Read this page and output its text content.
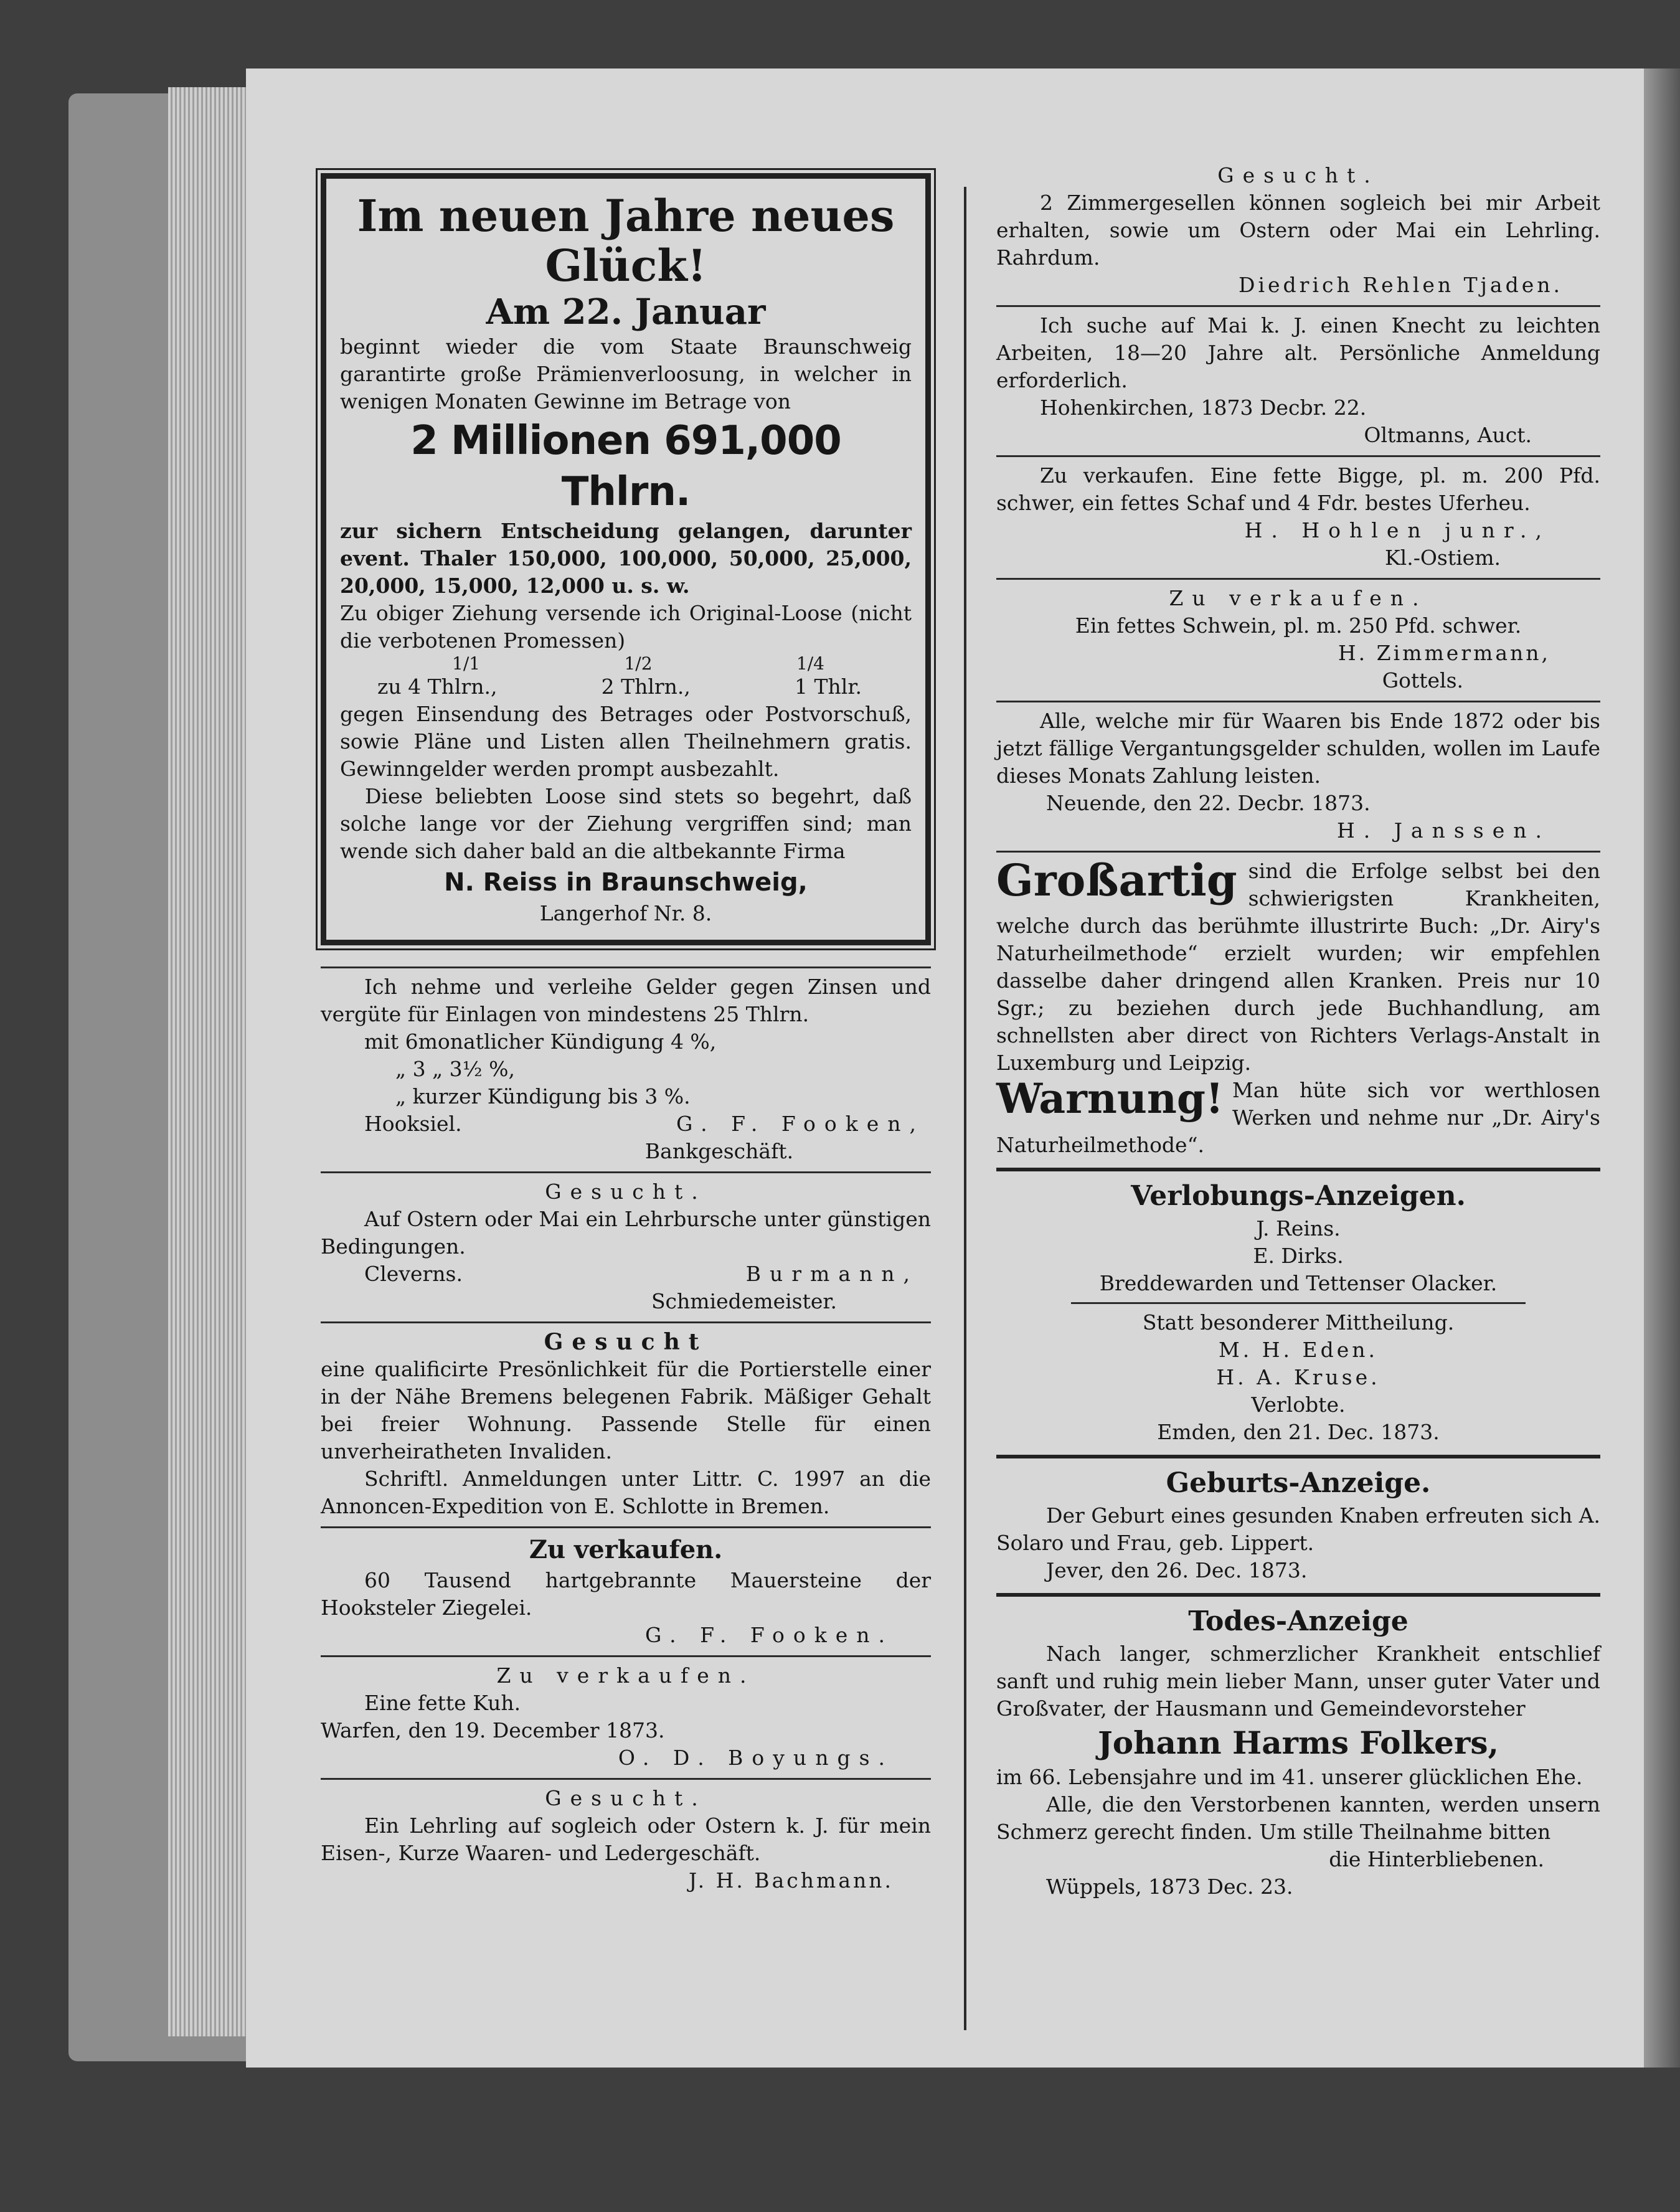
Im neuen Jahre neues
Glück!
Am 22. Januar

beginnt wieder die vom Staate Braunschweig garantirte große Prämienverloosung, in welcher in wenigen Monaten Gewinne im Betrage von

2 Millionen 691,000 Thlrn.

zur sichern Entscheidung gelangen, darunter event. Thaler 150,000, 100,000, 50,000, 25,000, 20,000, 15,000, 12,000 u. s. w.

Zu obiger Ziehung versende ich Original-Loose (nicht die verbotenen Promessen)

1/1	1/2	1/4

zu 4 Thlrn.,	2 Thlrn.,	1 Thlr.

gegen Einsendung des Betrages oder Postvorschuß, sowie Pläne und Listen allen Theilnehmern gratis. Gewinngelder werden prompt ausbezahlt.

Diese beliebten Loose sind stets so begehrt, daß solche lange vor der Ziehung vergriffen sind; man wende sich daher bald an die altbekannte Firma

N. Reiss in Braunschweig,

Langerhof Nr. 8.

Ich nehme und verleihe Gelder gegen Zinsen und vergüte für Einlagen von mindestens 25 Thlrn.

mit 6monatlicher Kündigung 4 %,

„ 3 „ 3½ %,

„ kurzer Kündigung bis 3 %.

Hooksiel.	G. F. Fooken,

Bankgeschäft.

Gesucht.

Auf Ostern oder Mai ein Lehrbursche unter günstigen Bedingungen.

Cleverns.	Burmann,

Schmiedemeister.

Gesucht

eine qualificirte Presönlichkeit für die Portierstelle einer in der Nähe Bremens belegenen Fabrik. Mäßiger Gehalt bei freier Wohnung. Passende Stelle für einen unverheiratheten Invaliden.

Schriftl. Anmeldungen unter Littr. C. 1997 an die Annoncen-Expedition von E. Schlotte in Bremen.

Zu verkaufen.

60 Tausend hartgebrannte Mauersteine der Hooksteler Ziegelei.

G. F. Fooken.

Zu verkaufen.

Eine fette Kuh.

Warfen, den 19. December 1873.

O. D. Boyungs.

Gesucht.

Ein Lehrling auf sogleich oder Ostern k. J. für mein Eisen-, Kurze Waaren- und Ledergeschäft.

J. H. Bachmann.

Gesucht.

2 Zimmergesellen können sogleich bei mir Arbeit erhalten, sowie um Ostern oder Mai ein Lehrling. Rahrdum.

Diedrich Rehlen Tjaden.

Ich suche auf Mai k. J. einen Knecht zu leichten Arbeiten, 18—20 Jahre alt. Persönliche Anmeldung erforderlich.

Hohenkirchen, 1873 Decbr. 22.

Oltmanns, Auct.

Zu verkaufen. Eine fette Bigge, pl. m. 200 Pfd. schwer, ein fettes Schaf und 4 Fdr. bestes Uferheu.

H. Hohlen junr.,

Kl.-Ostiem.

Zu verkaufen.

Ein fettes Schwein, pl. m. 250 Pfd. schwer.

H. Zimmermann,

Gottels.

Alle, welche mir für Waaren bis Ende 1872 oder bis jetzt fällige Vergantungsgelder schulden, wollen im Laufe dieses Monats Zahlung leisten.

Neuende, den 22. Decbr. 1873.

H. Janssen.

Großartig sind die Erfolge selbst bei den schwierigsten Krankheiten, welche durch das berühmte illustrirte Buch: „Dr. Airy's Naturheilmethode“ erzielt wurden; wir empfehlen dasselbe daher dringend allen Kranken. Preis nur 10 Sgr.; zu beziehen durch jede Buchhandlung, am schnellsten aber direct von Richters Verlags-Anstalt in Luxemburg und Leipzig.

Warnung! Man hüte sich vor werthlosen Werken und nehme nur „Dr. Airy's Naturheilmethode“.

Verlobungs-Anzeigen.

J. Reins.

E. Dirks.

Breddewarden und Tettenser Olacker.

Statt besonderer Mittheilung.

M. H. Eden.

H. A. Kruse.

Verlobte.

Emden, den 21. Dec. 1873.

Geburts-Anzeige.

Der Geburt eines gesunden Knaben erfreuten sich A. Solaro und Frau, geb. Lippert.

Jever, den 26. Dec. 1873.

Todes-Anzeige

Nach langer, schmerzlicher Krankheit entschlief sanft und ruhig mein lieber Mann, unser guter Vater und Großvater, der Hausmann und Gemeindevorsteher

Johann Harms Folkers,

im 66. Lebensjahre und im 41. unserer glücklichen Ehe.

Alle, die den Verstorbenen kannten, werden unsern Schmerz gerecht finden. Um stille Theilnahme bitten

die Hinterbliebenen.

Wüppels, 1873 Dec. 23.
